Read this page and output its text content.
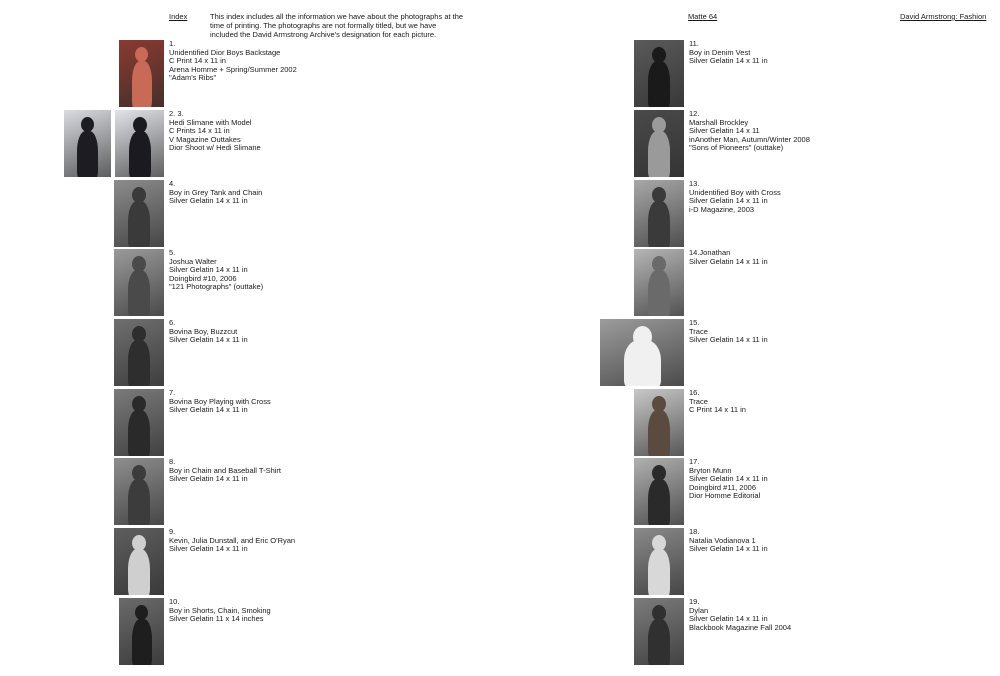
Index	This index includes all the information we have about the photographs at the time of printing. The photographs are not formally titled, but we have included the David Armstrong Archive's designation for each picture.
Matte 64	David Armstrong: Fashion
1.
Unidentified Dior Boys Backstage
C Print 14 x 11 in
Arena Homme + Spring/Summer 2002
"Adam's Ribs"
2. 3.
Hedi Slimane with Model
C Prints 14 x 11 in
V Magazine Outtakes
Dior Shoot w/ Hedi Slimane
4.
Boy in Grey Tank and Chain
Silver Gelatin 14 x 11 in
5.
Joshua Walter
Silver Gelatin 14 x 11 in
Doingbird #10, 2006
"121 Photographs" (outtake)
6.
Bovina Boy, Buzzcut
Silver Gelatin 14 x 11 in
7.
Bovina Boy Playing with Cross
Silver Gelatin 14 x 11 in
8.
Boy in Chain and Baseball T-Shirt
Silver Gelatin 14 x 11 in
9.
Kevin, Julia Dunstall, and Eric O'Ryan
Silver Gelatin 14 x 11 in
10.
Boy in Shorts, Chain, Smoking
Silver Gelatin 11 x 14 inches
11.
Boy in Denim Vest
Silver Gelatin 14 x 11 in
12.
Marshall Brockley
Silver Gelatin 14 x 11
inAnother Man, Autumn/Winter 2008
"Sons of Pioneers" (outtake)
13.
Unidentified Boy with Cross
Silver Gelatin 14 x 11 in
i-D Magazine, 2003
14.Jonathan
Silver Gelatin 14 x 11 in
15.
Trace
Silver Gelatin 14 x 11 in
16.
Trace
C Print 14 x 11 in
17.
Bryton Munn
Silver Gelatin 14 x 11 in
Doingbird #11, 2006
Dior Homme Editorial
18.
Natalia Vodianova 1
Silver Gelatin 14 x 11 in
19.
Dylan
Silver Gelatin 14 x 11 in
Blackbook Magazine Fall 2004
